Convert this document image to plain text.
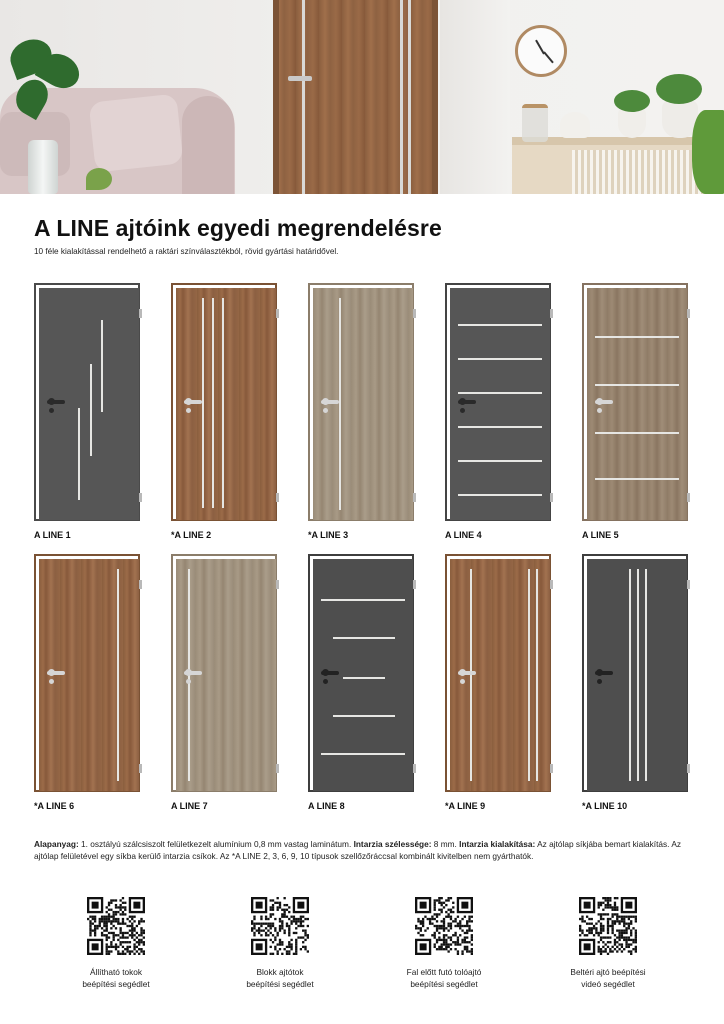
A LINE ajtóink egyedi megrendelésre
10 féle kialakítással rendelhető a raktári színválasztékból, rövid gyártási határidővel.
A LINE 1	*A LINE 2	*A LINE 3	A LINE 4	A LINE 5
*A LINE 6	A LINE 7	A LINE 8	*A LINE 9	*A LINE 10
Alapanyag: 1. osztályú szálcsiszolt felületkezelt alumínium 0,8 mm vastag laminátum. Intarzia szélessége: 8 mm. Intarzia kialakítása: Az ajtólap síkjába bemart kialakítás. Az ajtólap felületével egy síkba kerülő intarzia csíkok. Az *A LINE 2, 3, 6, 9, 10 típusok szellőzőráccsal kombinált kivitelben nem gyárthatók.
Állítható tokok
beépítési segédlet
Blokk ajtótok
beépítési segédlet
Fal előtt futó tolóajtó
beépítési segédlet
Beltéri ajtó beépítési
videó segédlet
